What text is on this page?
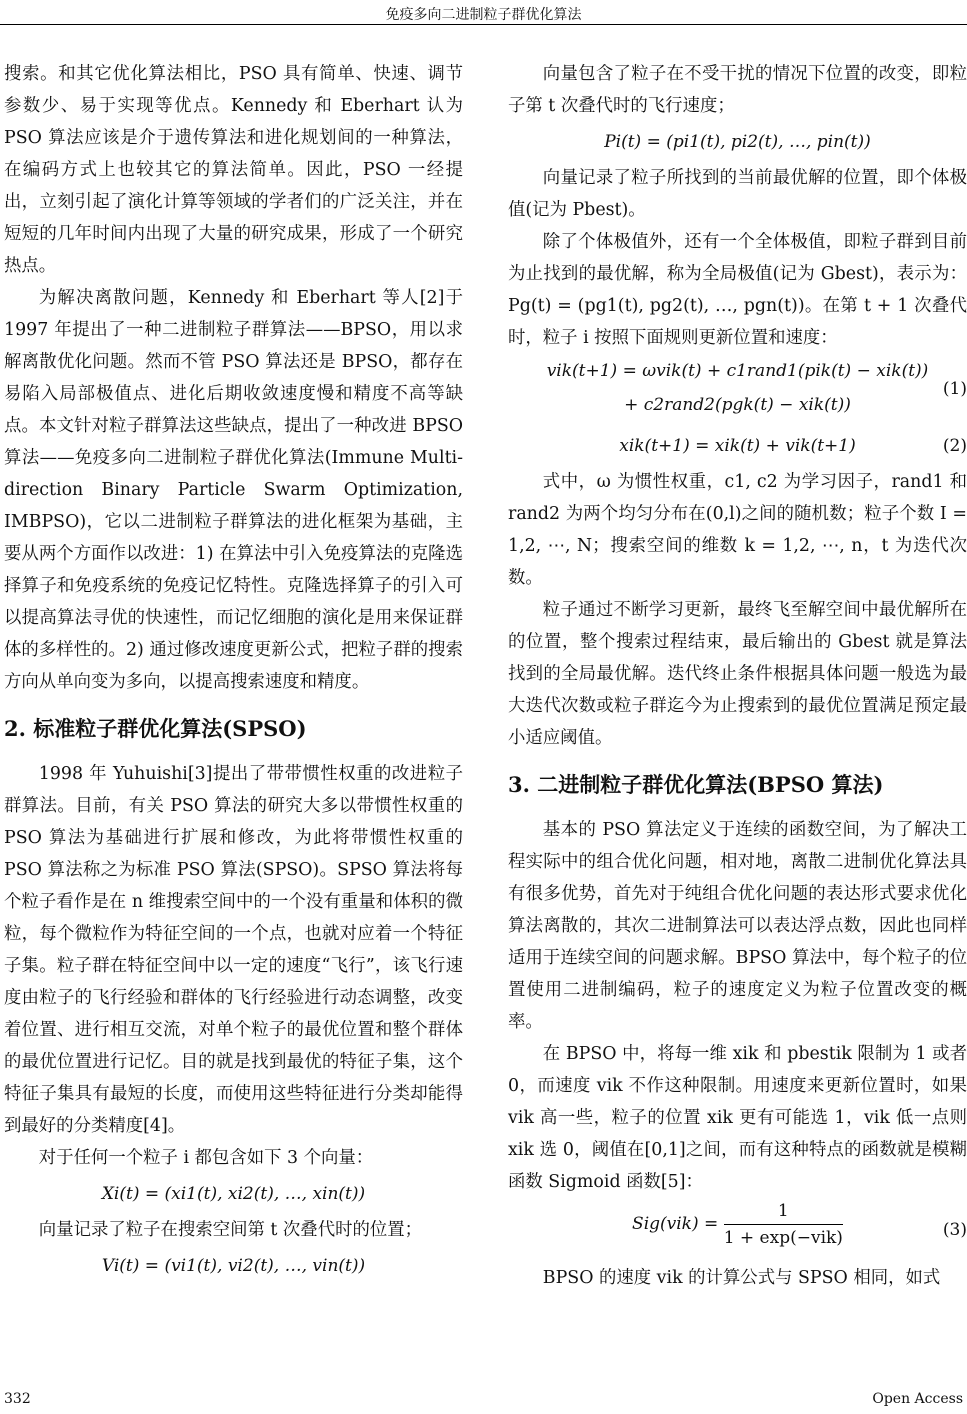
免疫多向二进制粒子群优化算法

搜索。和其它优化算法相比，PSO 具有简单、快速、调节参数少、易于实现等优点。Kennedy 和 Eberhart 认为 PSO 算法应该是介于遗传算法和进化规划间的一种算法，在编码方式上也较其它的算法简单。因此，PSO 一经提出，立刻引起了演化计算等领域的学者们的广泛关注，并在短短的几年时间内出现了大量的研究成果，形成了一个研究热点。

为解决离散问题，Kennedy 和 Eberhart 等人[2]于 1997 年提出了一种二进制粒子群算法——BPSO，用以求解离散优化问题。然而不管 PSO 算法还是 BPSO，都存在易陷入局部极值点、进化后期收敛速度慢和精度不高等缺点。本文针对粒子群算法这些缺点，提出了一种改进 BPSO 算法——免疫多向二进制粒子群优化算法(Immune Multi-direction Binary Particle Swarm Optimization, IMBPSO)，它以二进制粒子群算法的进化框架为基础，主要从两个方面作以改进：1) 在算法中引入免疫算法的克隆选择算子和免疫系统的免疫记忆特性。克隆选择算子的引入可以提高算法寻优的快速性，而记忆细胞的演化是用来保证群体的多样性的。2) 通过修改速度更新公式，把粒子群的搜索方向从单向变为多向，以提高搜索速度和精度。

2. 标准粒子群优化算法(SPSO)

1998 年 Yuhuishi[3]提出了带带惯性权重的改进粒子群算法。目前，有关 PSO 算法的研究大多以带惯性权重的 PSO 算法为基础进行扩展和修改，为此将带惯性权重的 PSO 算法称之为标准 PSO 算法(SPSO)。SPSO 算法将每个粒子看作是在 n 维搜索空间中的一个没有重量和体积的微粒，每个微粒作为特征空间的一个点，也就对应着一个特征子集。粒子群在特征空间中以一定的速度“飞行”，该飞行速度由粒子的飞行经验和群体的飞行经验进行动态调整，改变着位置、进行相互交流，对单个粒子的最优位置和整个群体的最优位置进行记忆。目的就是找到最优的特征子集，这个特征子集具有最短的长度，而使用这些特征进行分类却能得到最好的分类精度[4]。

对于任何一个粒子 i 都包含如下 3 个向量：

Xi(t) = (xi1(t), xi2(t), …, xin(t))

向量记录了粒子在搜索空间第 t 次叠代时的位置；

Vi(t) = (vi1(t), vi2(t), …, vin(t))

向量包含了粒子在不受干扰的情况下位置的改变，即粒子第 t 次叠代时的飞行速度；

Pi(t) = (pi1(t), pi2(t), …, pin(t))

向量记录了粒子所找到的当前最优解的位置，即个体极值(记为 Pbest)。

除了个体极值外，还有一个全体极值，即粒子群到目前为止找到的最优解，称为全局极值(记为 Gbest)，表示为：Pg(t) = (pg1(t), pg2(t), …, pgn(t))。在第 t + 1 次叠代时，粒子 i 按照下面规则更新位置和速度：

vik(t+1) = ωvik(t) + c1rand1(pik(t) − xik(t))
+ c2rand2(pgk(t) − xik(t))
(1)
xik(t+1) = xik(t) + vik(t+1)	(2)

式中，ω 为惯性权重，c1, c2 为学习因子，rand1 和 rand2 为两个均匀分布在(0,l)之间的随机数；粒子个数 I = 1,2, ⋯, N；搜索空间的维数 k = 1,2, ⋯, n，t 为迭代次数。

粒子通过不断学习更新，最终飞至解空间中最优解所在的位置，整个搜索过程结束，最后输出的 Gbest 就是算法找到的全局最优解。迭代终止条件根据具体问题一般选为最大迭代次数或粒子群迄今为止搜索到的最优位置满足预定最小适应阈值。

3. 二进制粒子群优化算法(BPSO 算法)

基本的 PSO 算法定义于连续的函数空间，为了解决工程实际中的组合优化问题，相对地，离散二进制优化算法具有很多优势，首先对于纯组合优化问题的表达形式要求优化算法离散的，其次二进制算法可以表达浮点数，因此也同样适用于连续空间的问题求解。BPSO 算法中，每个粒子的位置使用二进制编码，粒子的速度定义为粒子位置改变的概率。

在 BPSO 中，将每一维 xik 和 pbestik 限制为 1 或者 0，而速度 vik 不作这种限制。用速度来更新位置时，如果 vik 高一些，粒子的位置 xik 更有可能选 1，vik 低一点则 xik 选 0，阈值在[0,1]之间，而有这种特点的函数就是模糊函数 Sigmoid 函数[5]：

$Sig(vik) = \frac{1}{\text{1 + exp(−vik)}}$	(3)

BPSO 的速度 vik 的计算公式与 SPSO 相同，如式

332	Open Access
